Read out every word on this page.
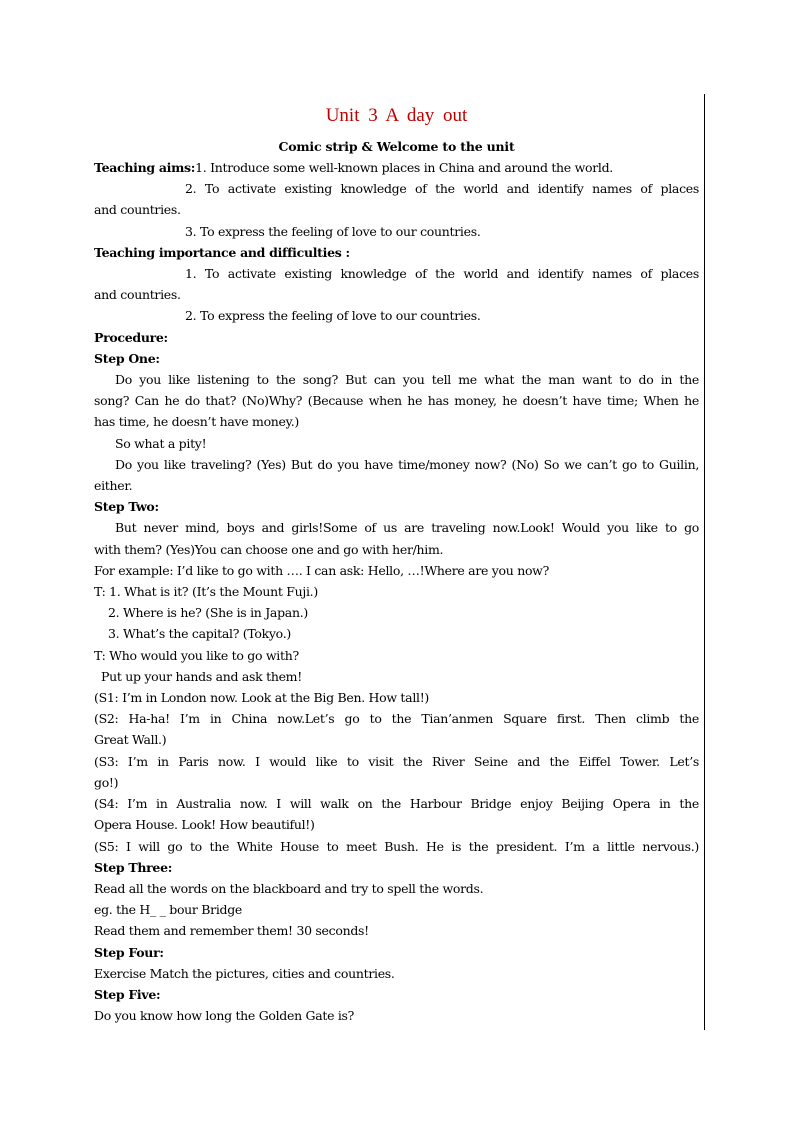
Unit 3 A day out
Comic strip & Welcome to the unit
Teaching aims:1. Introduce some well-known places in China and around the world.
2. To activate existing knowledge of the world and identify names of places
and countries.
3. To express the feeling of love to our countries.
Teaching importance and difficulties :
1. To activate existing knowledge of the world and identify names of places
and countries.
2. To express the feeling of love to our countries.
Procedure:
Step One:
Do you like listening to the song? But can you tell me what the man want to do in the
song? Can he do that? (No)Why? (Because when he has money, he doesn’t have time; When he
has time, he doesn’t have money.)
So what a pity!
Do you like traveling? (Yes) But do you have time/money now? (No) So we can’t go to Guilin,
either.
Step Two:
But never mind, boys and girls!Some of us are traveling now.Look! Would you like to go
with them? (Yes)You can choose one and go with her/him.
For example: I’d like to go with …. I can ask: Hello, …!Where are you now?
T: 1. What is it? (It’s the Mount Fuji.)
2. Where is he? (She is in Japan.)
3. What’s the capital? (Tokyo.)
T: Who would you like to go with?
Put up your hands and ask them!
(S1: I’m in London now. Look at the Big Ben. How tall!)
(S2: Ha-ha! I’m in China now.Let’s go to the Tian’anmen Square first. Then climb the
Great Wall.)
(S3: I’m in Paris now. I would like to visit the River Seine and the Eiffel Tower. Let’s
go!)
(S4: I’m in Australia now. I will walk on the Harbour Bridge enjoy Beijing Opera in the
Opera House. Look! How beautiful!)
(S5: I will go to the White House to meet Bush. He is the president. I’m a little nervous.)
Step Three:
Read all the words on the blackboard and try to spell the words.
eg. the H_ _ bour Bridge
Read them and remember them! 30 seconds!
Step Four:
Exercise Match the pictures, cities and countries.
Step Five:
Do you know how long the Golden Gate is?
